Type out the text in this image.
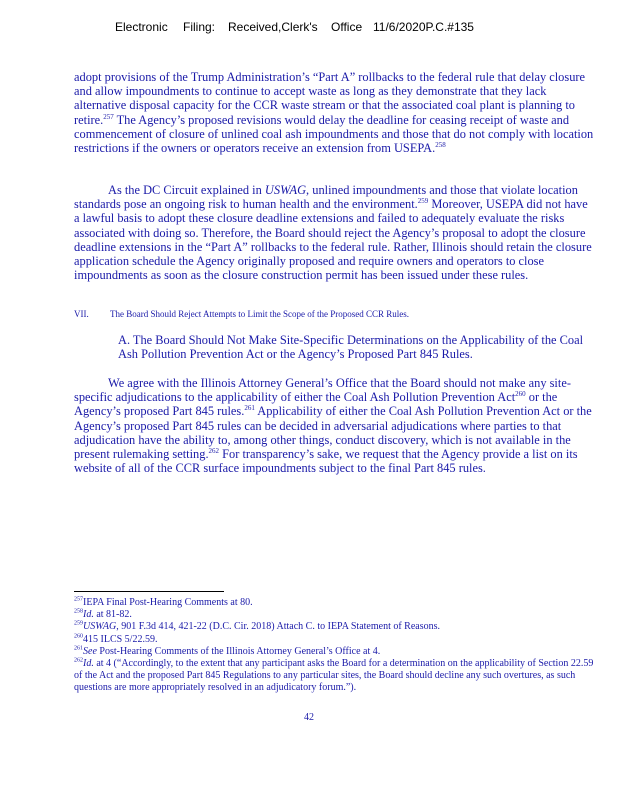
Electronic Filing: Received,Clerk's Office 11/6/2020P.C.#135

adopt provisions of the Trump Administration’s “Part A” rollbacks to the federal rule that delay closure and allow impoundments to continue to accept waste as long as they demonstrate that they lack alternative disposal capacity for the CCR waste stream or that the associated coal plant is planning to retire.$^{257}$ The Agency’s proposed revisions would delay the deadline for ceasing receipt of waste and commencement of closure of unlined coal ash impoundments and those that do not comply with location restrictions if the owners or operators receive an extension from USEPA.$^{258}$

As the DC Circuit explained in USWAG, unlined impoundments and those that violate location standards pose an ongoing risk to human health and the environment.$^{259}$ Moreover, USEPA did not have a lawful basis to adopt these closure deadline extensions and failed to adequately evaluate the risks associated with doing so. Therefore, the Board should reject the Agency’s proposal to adopt the closure deadline extensions in the “Part A” rollbacks to the federal rule. Rather, Illinois should retain the closure application schedule the Agency originally proposed and require owners and operators to close impoundments as soon as the closure construction permit has been issued under these rules.

VII. The Board Should Reject Attempts to Limit the Scope of the Proposed CCR Rules.
A. The Board Should Not Make Site-Specific Determinations on the Applicability of the Coal Ash Pollution Prevention Act or the Agency’s Proposed Part 845 Rules.

We agree with the Illinois Attorney General’s Office that the Board should not make any site-specific adjudications to the applicability of either the Coal Ash Pollution Prevention Act$^{260}$ or the Agency’s proposed Part 845 rules.$^{261}$ Applicability of either the Coal Ash Pollution Prevention Act or the Agency’s proposed Part 845 rules can be decided in adversarial adjudications where parties to that adjudication have the ability to, among other things, conduct discovery, which is not available in the present rulemaking setting.$^{262}$ For transparency’s sake, we request that the Agency provide a list on its website of all of the CCR surface impoundments subject to the final Part 845 rules.

$^{257}$IEPA Final Post-Hearing Comments at 80.

$^{258}$Id. at 81-82.

$^{259}$USWAG, 901 F.3d 414, 421-22 (D.C. Cir. 2018) Attach C. to IEPA Statement of Reasons.

$^{260}$415 ILCS 5/22.59.

$^{261}$See Post-Hearing Comments of the Illinois Attorney General’s Office at 4.

$^{262}$Id. at 4 (“Accordingly, to the extent that any participant asks the Board for a determination on the applicability of Section 22.59 of the Act and the proposed Part 845 Regulations to any particular sites, the Board should decline any such overtures, as such questions are more appropriately resolved in an adjudicatory forum.”).

42
